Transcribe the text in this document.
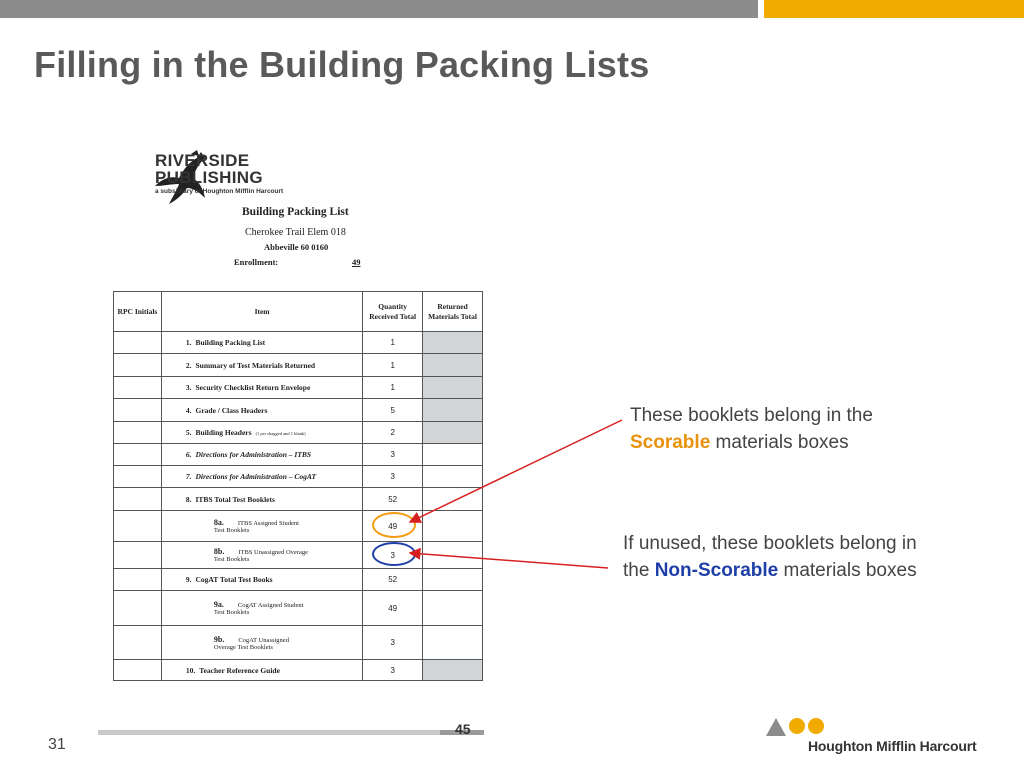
Filling in the Building Packing Lists
RIVERSIDE
PUBLISHING
a subsidiary of Houghton Mifflin Harcourt
Building Packing List
Cherokee Trail Elem 018
Abbeville 60 0160
Enrollment:	49
RPC Initials	Item	Quantity Received Total	Returned Materials Total
	1. Building Packing List	1	
	2. Summary of Test Materials Returned	1	
	3. Security Checklist Return Envelope	1	
	4. Grade / Class Headers	5	
	5. Building Headers (1 per shagged and 1 blank)	2	
	6. Directions for Administration – ITBS	3	
	7. Directions for Administration – CogAT	3	
	8. ITBS Total Test Booklets	52	
	8a. ITBS Assigned Student
Test Booklets	49	
	8b. ITBS Unassigned Overage
Test Booklets	3	
	9. CogAT Total Test Books	52	
	9a. CogAT Assigned Student
Test Booklets	49	
	9b. CogAT Unassigned
Overage Test Booklets	3	
	10. Teacher Reference Guide	3	
These booklets belong in the Scorable materials boxes
If unused, these booklets belong in the Non-Scorable materials boxes
31
45
Houghton Mifflin Harcourt
